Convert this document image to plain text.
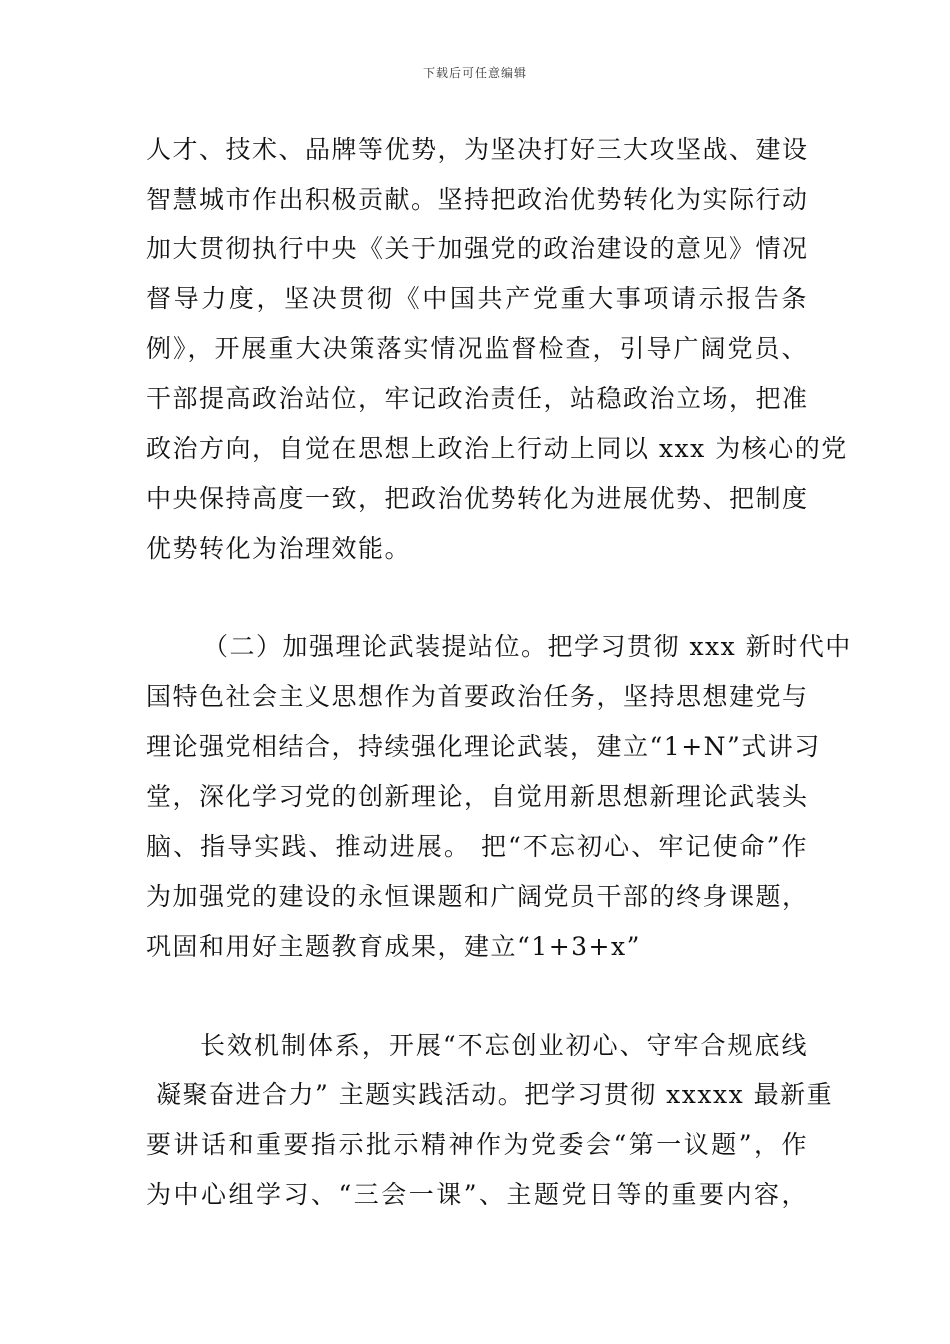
下载后可任意编辑
人才、技术、品牌等优势，为坚决打好三大攻坚战、建设
智慧城市作出积极贡献。坚持把政治优势转化为实际行动
加大贯彻执行中央《关于加强党的政治建设的意见》情况
督导力度，坚决贯彻《中国共产党重大事项请示报告条
例》，开展重大决策落实情况监督检查，引导广阔党员、
干部提高政治站位，牢记政治责任，站稳政治立场，把准
政治方向，自觉在思想上政治上行动上同以 xxx 为核心的党
中央保持高度一致，把政治优势转化为进展优势、把制度
优势转化为治理效能。
（二）加强理论武装提站位。把学习贯彻 xxx 新时代中
国特色社会主义思想作为首要政治任务，坚持思想建党与
理论强党相结合，持续强化理论武装，建立“1+N”式讲习
堂，深化学习党的创新理论，自觉用新思想新理论武装头
脑、指导实践、推动进展。 把“不忘初心、牢记使命”作
为加强党的建设的永恒课题和广阔党员干部的终身课题，
巩固和用好主题教育成果，建立“1+3+x”
长效机制体系，开展“不忘创业初心、守牢合规底线
凝聚奋进合力” 主题实践活动。把学习贯彻 xxxxx 最新重
要讲话和重要指示批示精神作为党委会“第一议题”，作
为中心组学习、“三会一课”、主题党日等的重要内容，
